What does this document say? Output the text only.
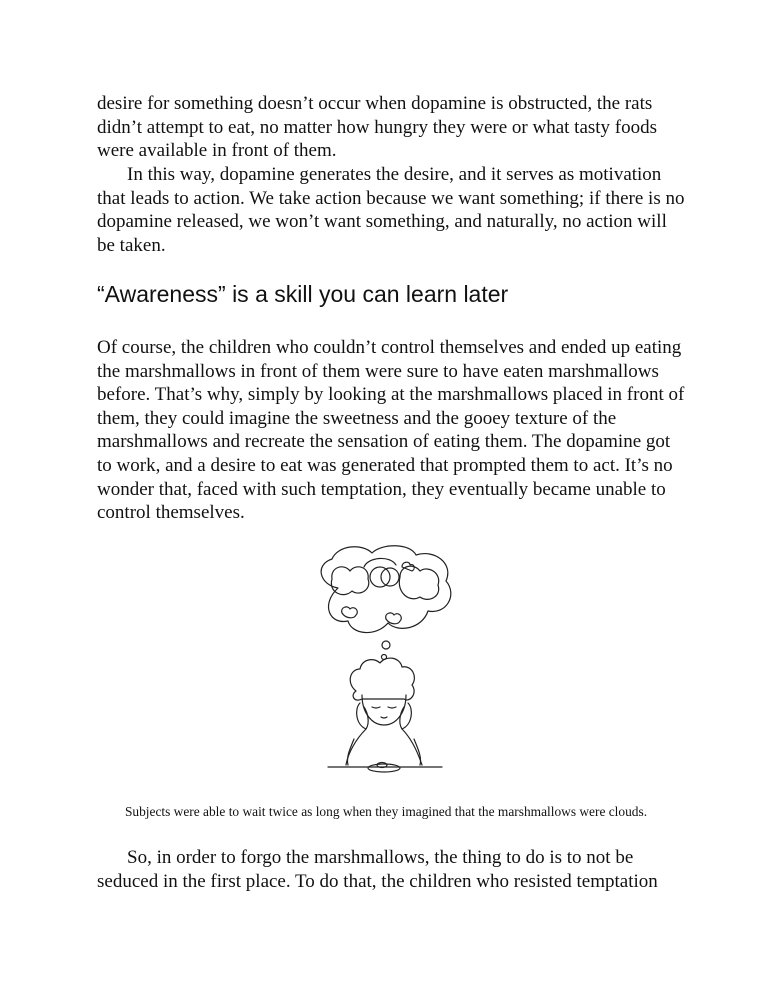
desire for something doesn’t occur when dopamine is obstructed, the rats didn’t attempt to eat, no matter how hungry they were or what tasty foods were available in front of them.

In this way, dopamine generates the desire, and it serves as motivation that leads to action. We take action because we want something; if there is no dopamine released, we won’t want something, and naturally, no action will be taken.

“Awareness” is a skill you can learn later

Of course, the children who couldn’t control themselves and ended up eating the marshmallows in front of them were sure to have eaten marshmallows before. That’s why, simply by looking at the marshmallows placed in front of them, they could imagine the sweetness and the gooey texture of the marshmallows and recreate the sensation of eating them. The dopamine got to work, and a desire to eat was generated that prompted them to act. It’s no wonder that, faced with such temptation, they eventually became unable to control themselves.

Subjects were able to wait twice as long when they imagined that the marshmallows were clouds.

So, in order to forgo the marshmallows, the thing to do is to not be seduced in the first place. To do that, the children who resisted temptation
